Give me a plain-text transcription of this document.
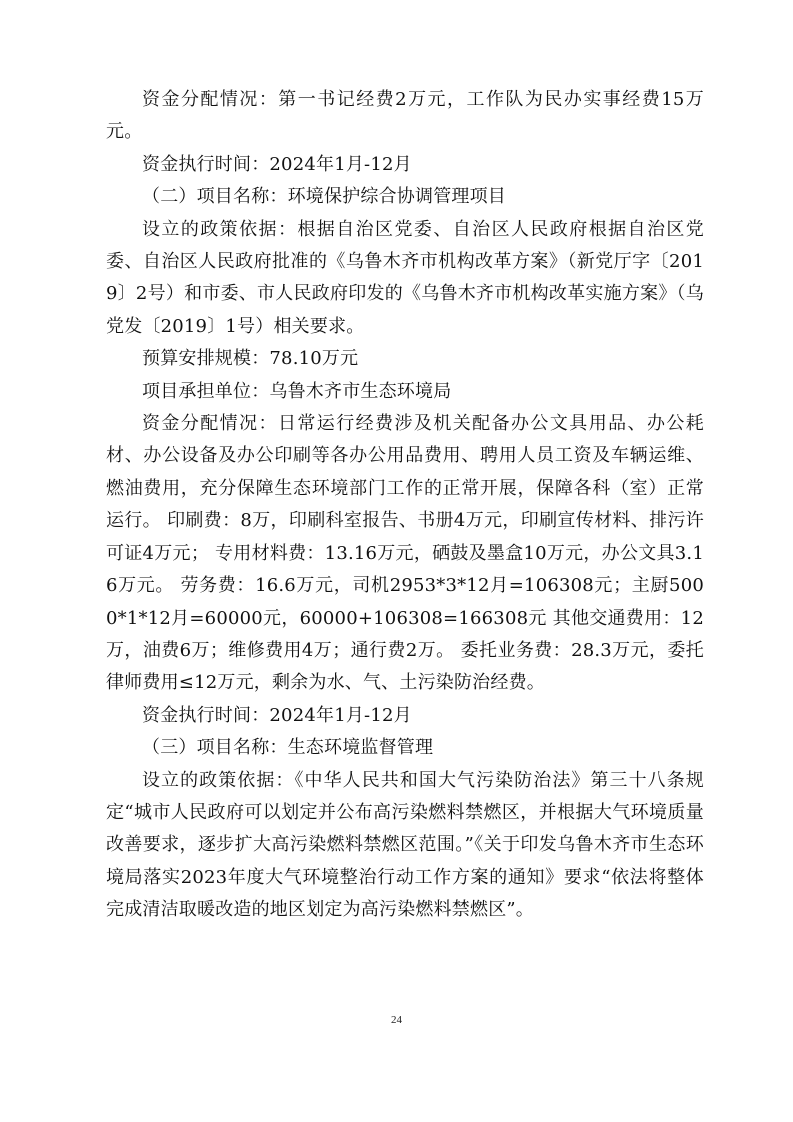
资金分配情况：第一书记经费2万元，工作队为民办实事经费15万元。

资金执行时间：2024年1月-12月

（二）项目名称：环境保护综合协调管理项目

设立的政策依据：根据自治区党委、自治区人民政府根据自治区党委、自治区人民政府批准的《乌鲁木齐市机构改革方案》（新党厅字〔2019〕2号）和市委、市人民政府印发的《乌鲁木齐市机构改革实施方案》（乌党发〔2019〕1号）相关要求。

预算安排规模：78.10万元

项目承担单位：乌鲁木齐市生态环境局

资金分配情况：日常运行经费涉及机关配备办公文具用品、办公耗材、办公设备及办公印刷等各办公用品费用、聘用人员工资及车辆运维、燃油费用，充分保障生态环境部门工作的正常开展，保障各科（室）正常运行。 印刷费：8万，印刷科室报告、书册4万元，印刷宣传材料、排污许可证4万元； 专用材料费：13.16万元，硒鼓及墨盒10万元，办公文具3.16万元。 劳务费：16.6万元，司机2953*3*12月=106308元；主厨5000*1*12月=60000元，60000+106308=166308元 其他交通费用：12万，油费6万；维修费用4万；通行费2万。 委托业务费：28.3万元，委托律师费用≤12万元，剩余为水、气、土污染防治经费。

资金执行时间：2024年1月-12月

（三）项目名称：生态环境监督管理

设立的政策依据：《中华人民共和国大气污染防治法》第三十八条规定“城市人民政府可以划定并公布高污染燃料禁燃区，并根据大气环境质量改善要求，逐步扩大高污染燃料禁燃区范围。”《关于印发乌鲁木齐市生态环境局落实2023年度大气环境整治行动工作方案的通知》要求“依法将整体完成清洁取暖改造的地区划定为高污染燃料禁燃区”。

24
